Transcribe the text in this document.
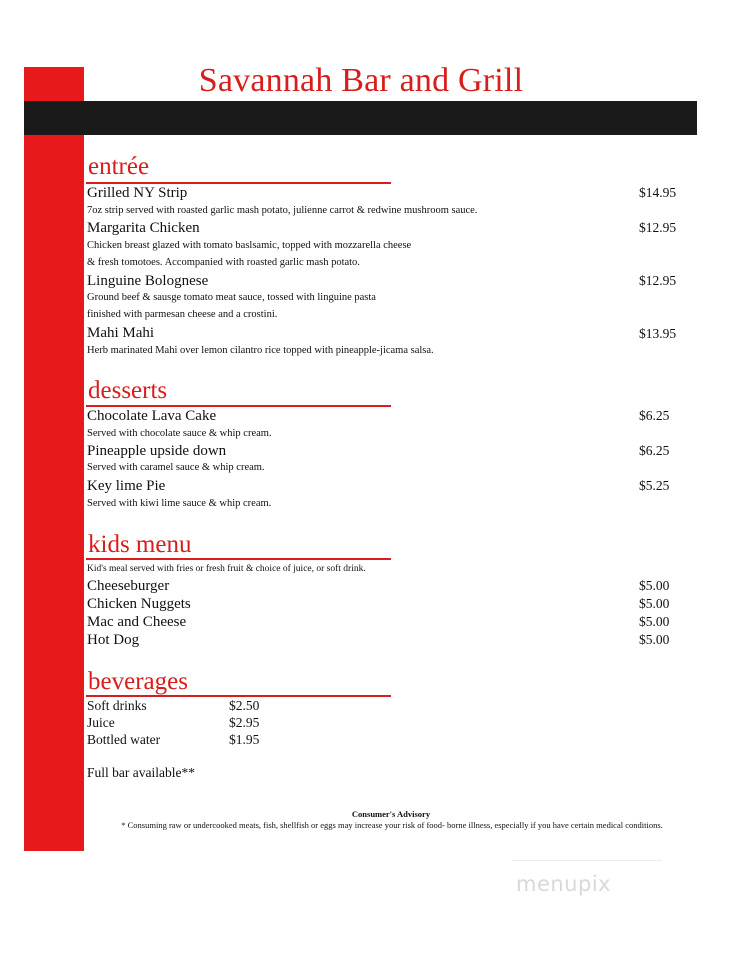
Savannah Bar and Grill
entrée
Grilled NY Strip	$14.95
7oz strip served with roasted garlic mash potato, julienne carrot & redwine mushroom sauce.
Margarita Chicken	$12.95
Chicken breast glazed with tomato baslsamic, topped with mozzarella cheese
& fresh tomotoes. Accompanied with roasted garlic mash potato.
Linguine Bolognese	$12.95
Ground beef & sausge tomato meat sauce, tossed with linguine pasta
finished with parmesan cheese and a crostini.
Mahi Mahi	$13.95
Herb marinated Mahi over lemon cilantro rice topped with pineapple-jicama salsa.
desserts
Chocolate Lava Cake	$6.25
Served with chocolate sauce & whip cream.
Pineapple upside down	$6.25
Served with caramel sauce & whip cream.
Key lime Pie	$5.25
Served with kiwi lime sauce & whip cream.
kids menu
Kid's meal served with fries or fresh fruit & choice of juice, or soft drink.
Cheeseburger	$5.00
Chicken Nuggets	$5.00
Mac and Cheese	$5.00
Hot Dog	$5.00
beverages
Soft drinks	$2.50
Juice	$2.95
Bottled water	$1.95
Full bar available**
Consumer's Advisory
* Consuming raw or undercooked meats, fish, shellfish or eggs may increase your risk of food- borne illness, especially if you have certain medical conditions.
menupix
